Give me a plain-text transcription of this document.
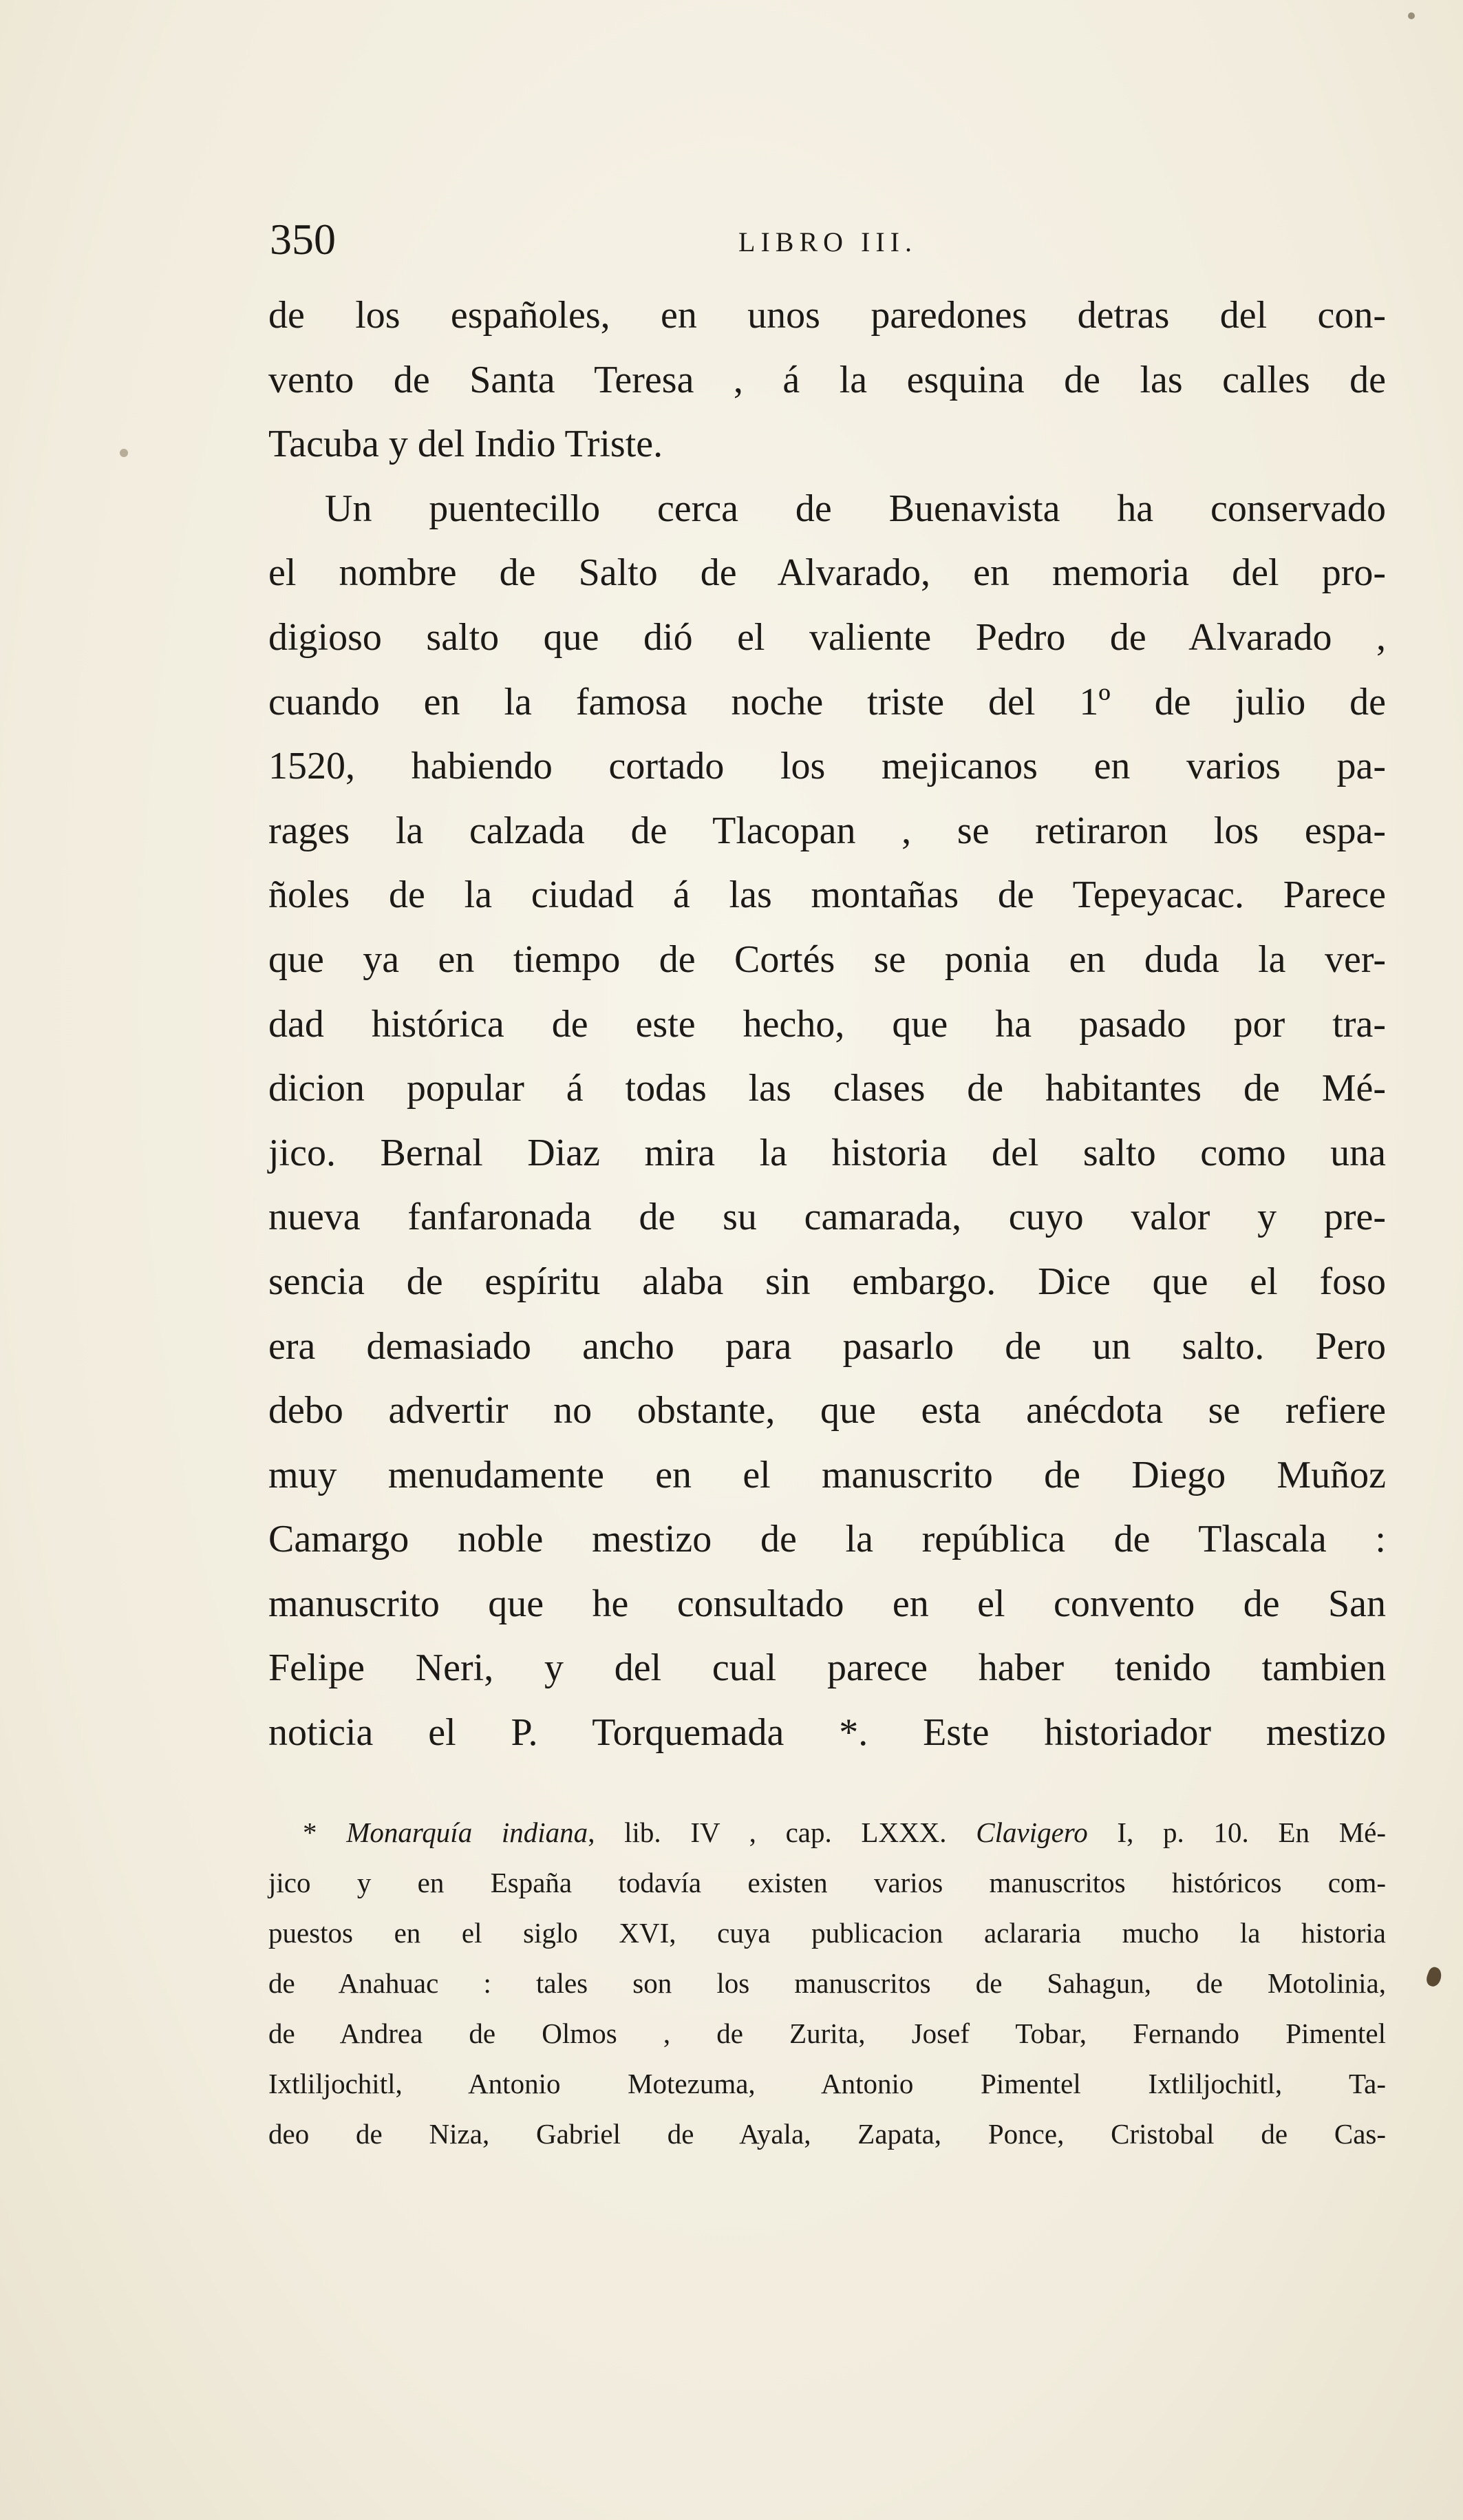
350	LIBRO III.
de los españoles, en unos paredones detras del con-
vento de Santa Teresa , á la esquina de las calles de
Tacuba y del Indio Triste.
Un puentecillo cerca de Buenavista ha conservado
el nombre de Salto de Alvarado, en memoria del pro-
digioso salto que dió el valiente Pedro de Alvarado ,
cuando en la famosa noche triste del 1º de julio de
1520, habiendo cortado los mejicanos en varios pa-
rages la calzada de Tlacopan , se retiraron los espa-
ñoles de la ciudad á las montañas de Tepeyacac. Parece
que ya en tiempo de Cortés se ponia en duda la ver-
dad histórica de este hecho, que ha pasado por tra-
dicion popular á todas las clases de habitantes de Mé-
jico. Bernal Diaz mira la historia del salto como una
nueva fanfaronada de su camarada, cuyo valor y pre-
sencia de espíritu alaba sin embargo. Dice que el foso
era demasiado ancho para pasarlo de un salto. Pero
debo advertir no obstante, que esta anécdota se refiere
muy menudamente en el manuscrito de Diego Muñoz
Camargo noble mestizo de la república de Tlascala :
manuscrito que he consultado en el convento de San
Felipe Neri, y del cual parece haber tenido tambien
noticia el P. Torquemada *. Este historiador mestizo
* Monarquía indiana, lib. IV , cap. LXXX. Clavigero I, p. 10. En Mé-
jico y en España todavía existen varios manuscritos históricos com-
puestos en el siglo XVI, cuya publicacion aclararia mucho la historia
de Anahuac : tales son los manuscritos de Sahagun, de Motolinia,
de Andrea de Olmos , de Zurita, Josef Tobar, Fernando Pimentel
Ixtliljochitl, Antonio Motezuma, Antonio Pimentel Ixtliljochitl, Ta-
deo de Niza, Gabriel de Ayala, Zapata, Ponce, Cristobal de Cas-
